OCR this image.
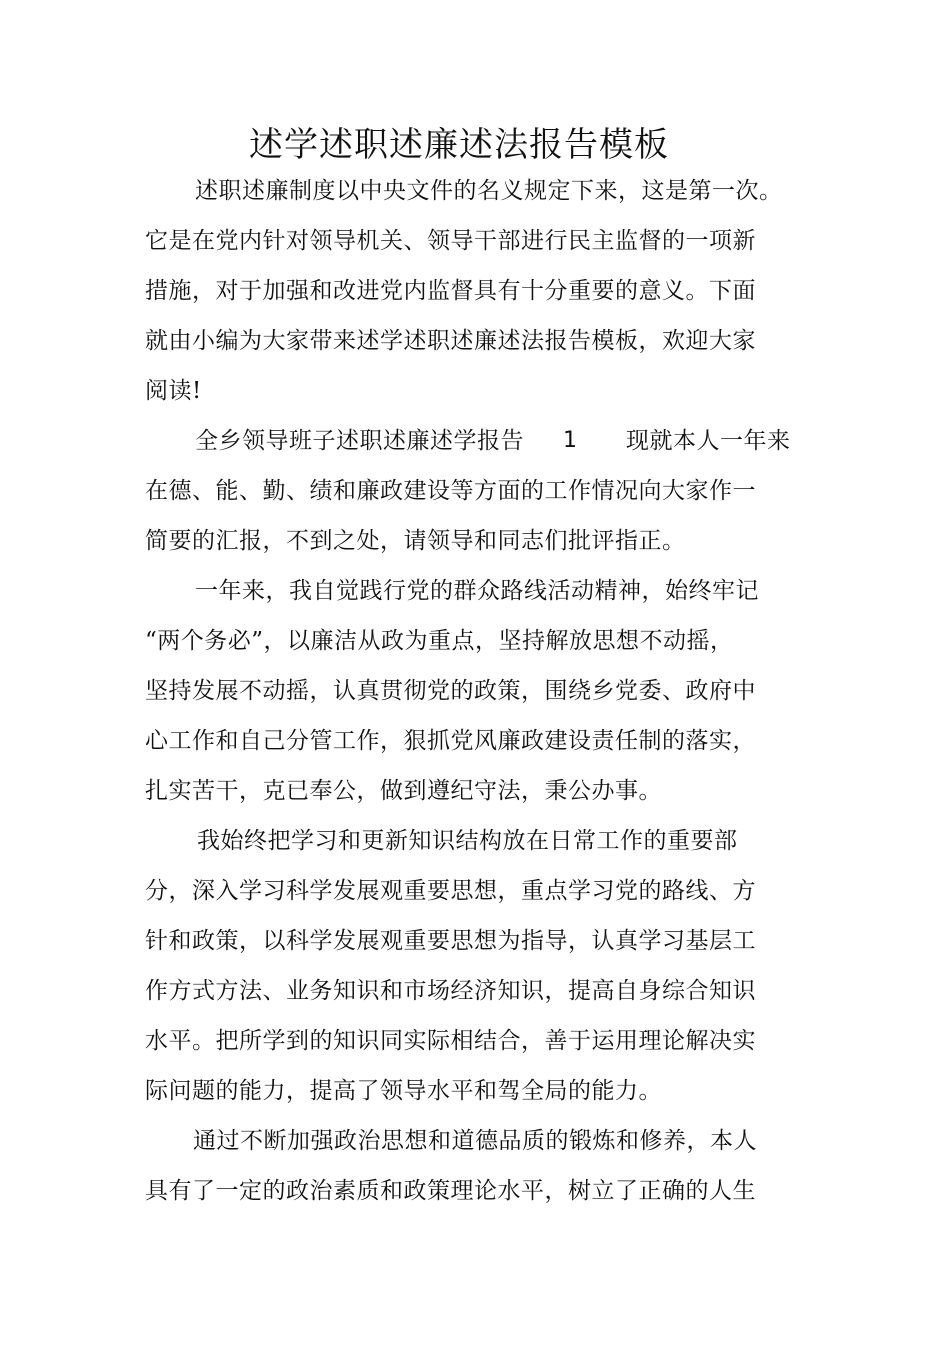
述学述职述廉述法报告模板
述职述廉制度以中央文件的名义规定下来，这是第一次。
它是在党内针对领导机关、领导干部进行民主监督的一项新
措施，对于加强和改进党内监督具有十分重要的意义。下面
就由小编为大家带来述学述职述廉述法报告模板，欢迎大家
阅读!
全乡领导班子述职述廉述学报告 1 现就本人一年来
在德、能、勤、绩和廉政建设等方面的工作情况向大家作一
简要的汇报，不到之处，请领导和同志们批评指正。
一年来，我自觉践行党的群众路线活动精神，始终牢记
“两个务必”，以廉洁从政为重点，坚持解放思想不动摇，
坚持发展不动摇，认真贯彻党的政策，围绕乡党委、政府中
心工作和自己分管工作，狠抓党风廉政建设责任制的落实，
扎实苦干，克已奉公，做到遵纪守法，秉公办事。
我始终把学习和更新知识结构放在日常工作的重要部
分，深入学习科学发展观重要思想，重点学习党的路线、方
针和政策，以科学发展观重要思想为指导，认真学习基层工
作方式方法、业务知识和市场经济知识，提高自身综合知识
水平。把所学到的知识同实际相结合，善于运用理论解决实
际问题的能力，提高了领导水平和驾全局的能力。
通过不断加强政治思想和道德品质的锻炼和修养，本人
具有了一定的政治素质和政策理论水平，树立了正确的人生
